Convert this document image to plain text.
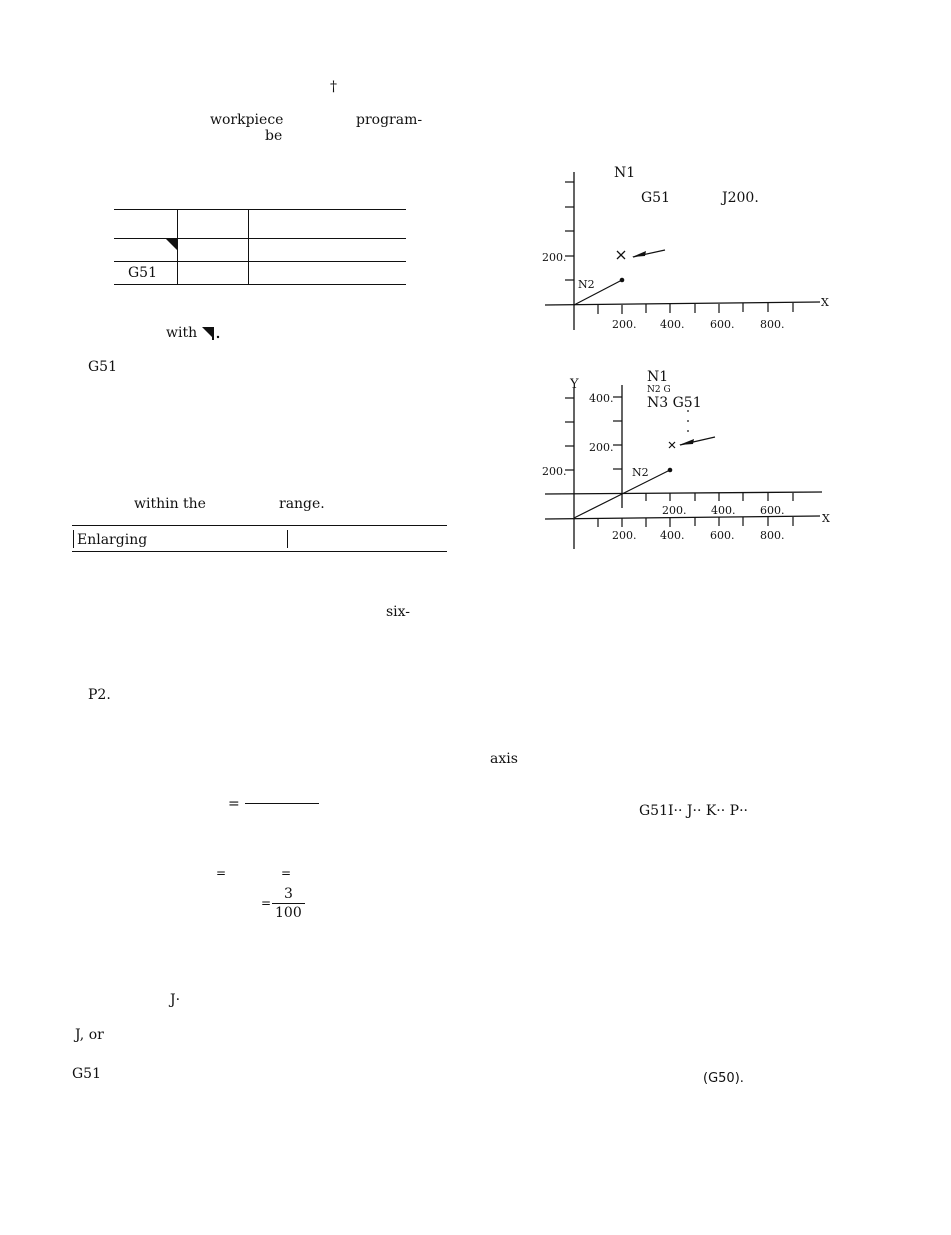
†
workpiece	program-
be
G51
with
G51
within the	range.
Enlarging
six-
P2.
=
=	=
=
3
100
J·
J, or
G51
axis
G51I·· J·· K·· P··
(G50).
N1
G51	J200.
200.
N2
X
200. 400. 600. 800.
Y	N1
N2 G
N3 G51
400.
200.
200.	N2
X
200. 400. 600.
200. 400. 600. 800.
